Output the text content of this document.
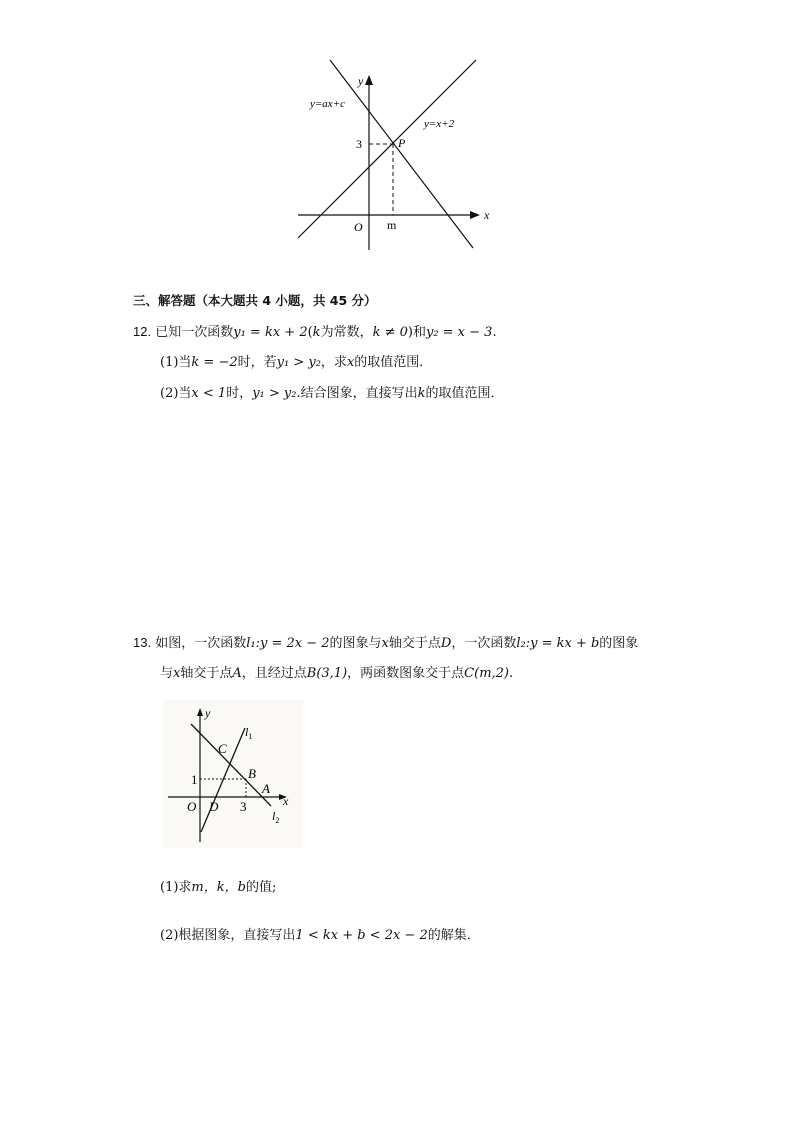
y
x
O
3
m
P
y=ax+c
y=x+2
三、解答题（本大题共 4 小题，共 45 分）
12. 已知一次函数y₁ = kx + 2(k为常数，k ≠ 0)和y₂ = x − 3.
(1)当k = −2时，若y₁ > y₂，求x的取值范围．
(2)当x < 1时，y₁ > y₂.结合图象，直接写出k的取值范围．
13. 如图，一次函数l₁:y = 2x − 2的图象与x轴交于点D，一次函数l₂:y = kx + b的图象
与x轴交于点A，且经过点B(3,1)，两函数图象交于点C(m,2).
y
x
O D 3
1
A
B
C
$l_1$
$l_2$
(1)求m，k，b的值;
(2)根据图象，直接写出1 < kx + b < 2x − 2的解集．
